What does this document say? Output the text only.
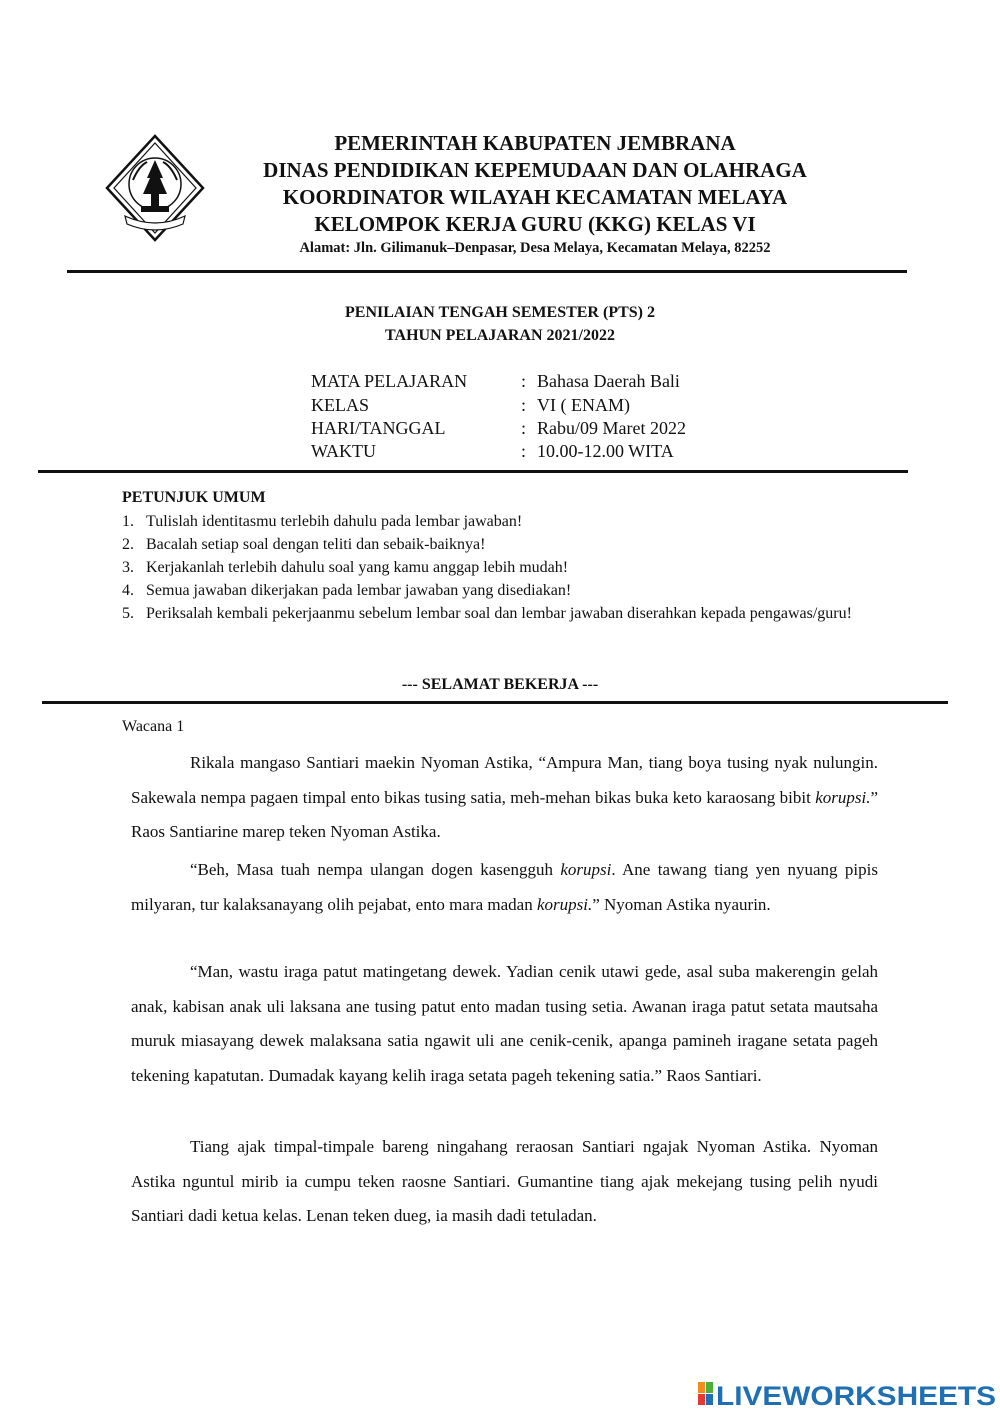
PEMERINTAH KABUPATEN JEMBRANA
DINAS PENDIDIKAN KEPEMUDAAN DAN OLAHRAGA
KOORDINATOR WILAYAH KECAMATAN MELAYA
KELOMPOK KERJA GURU (KKG) KELAS VI
Alamat: Jln. Gilimanuk–Denpasar, Desa Melaya, Kecamatan Melaya, 82252
PENILAIAN TENGAH SEMESTER (PTS) 2
TAHUN PELAJARAN 2021/2022
MATA PELAJARAN	: Bahasa Daerah Bali
KELAS	: VI ( ENAM)
HARI/TANGGAL	: Rabu/09 Maret 2022
WAKTU	: 10.00-12.00 WITA
PETUNJUK UMUM
1. Tulislah identitasmu terlebih dahulu pada lembar jawaban!
2. Bacalah setiap soal dengan teliti dan sebaik-baiknya!
3. Kerjakanlah terlebih dahulu soal yang kamu anggap lebih mudah!
4. Semua jawaban dikerjakan pada lembar jawaban yang disediakan!
5. Periksalah kembali pekerjaanmu sebelum lembar soal dan lembar jawaban diserahkan kepada pengawas/guru!
--- SELAMAT BEKERJA ---
Wacana 1
Rikala mangaso Santiari maekin Nyoman Astika, “Ampura Man, tiang boya tusing nyak nulungin. Sakewala nempa pagaen timpal ento bikas tusing satia, meh-mehan bikas buka keto karaosang bibit korupsi.” Raos Santiarine marep teken Nyoman Astika.
“Beh, Masa tuah nempa ulangan dogen kasengguh korupsi. Ane tawang tiang yen nyuang pipis milyaran, tur kalaksanayang olih pejabat, ento mara madan korupsi.” Nyoman Astika nyaurin.
“Man, wastu iraga patut matingetang dewek. Yadian cenik utawi gede, asal suba makerengin gelah anak, kabisan anak uli laksana ane tusing patut ento madan tusing setia. Awanan iraga patut setata mautsaha muruk miasayang dewek malaksana satia ngawit uli ane cenik-cenik, apanga pamineh iragane setata pageh tekening kapatutan. Dumadak kayang kelih iraga setata pageh tekening satia.” Raos Santiari.
Tiang ajak timpal-timpale bareng ningahang reraosan Santiari ngajak Nyoman Astika. Nyoman Astika nguntul mirib ia cumpu teken raosne Santiari. Gumantine tiang ajak mekejang tusing pelih nyudi Santiari dadi ketua kelas. Lenan teken dueg, ia masih dadi tetuladan.
LIVEWORKSHEETS
